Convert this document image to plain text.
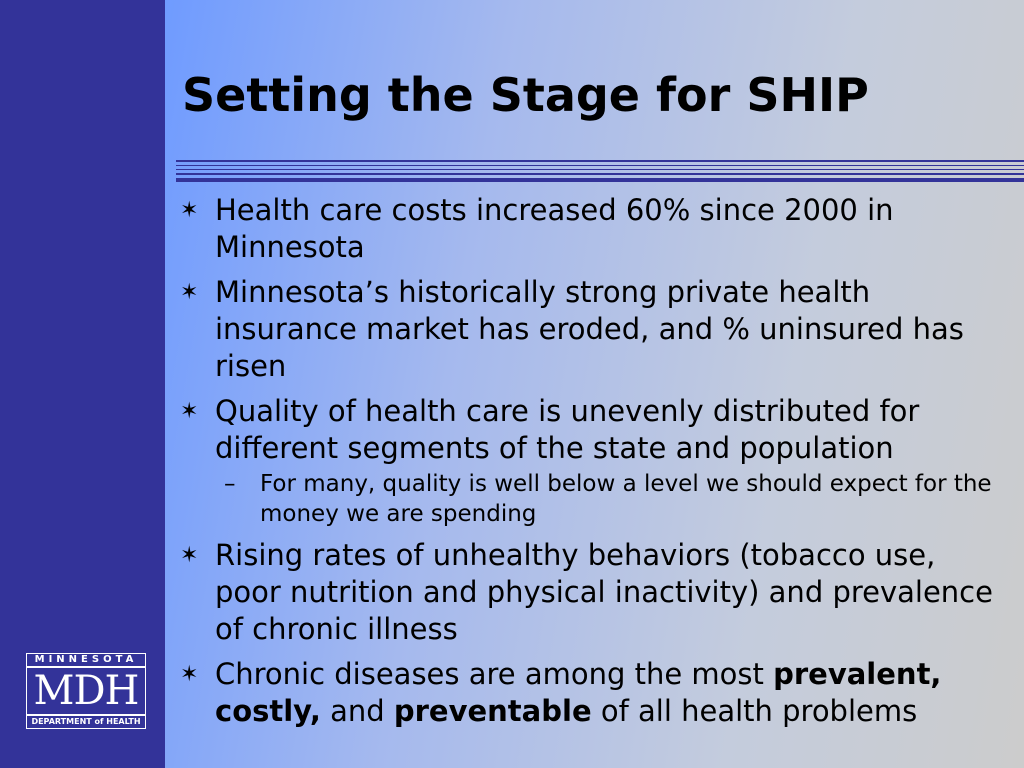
Setting the Stage for SHIP
✶ Health care costs increased 60% since 2000 in Minnesota
✶ Minnesota’s historically strong private health insurance market has eroded, and % uninsured has risen
✶ Quality of health care is unevenly distributed for different segments of the state and population
– For many, quality is well below a level we should expect for the money we are spending
✶ Rising rates of unhealthy behaviors (tobacco use, poor nutrition and physical inactivity) and prevalence of chronic illness
✶ Chronic diseases are among the most prevalent, costly, and preventable of all health problems
MINNESOTA
MDH
DEPARTMENT of HEALTH
